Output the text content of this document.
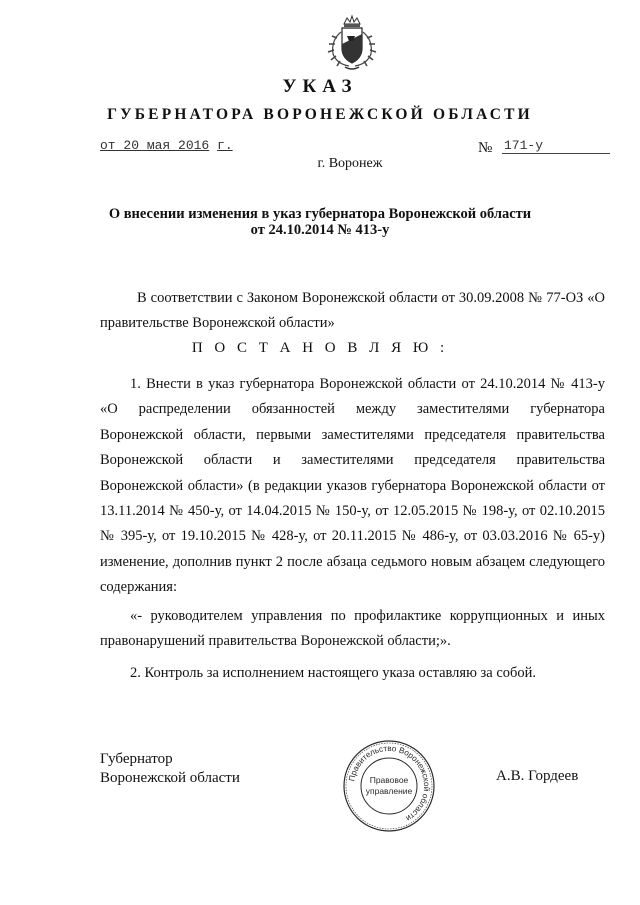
УКАЗ
ГУБЕРНАТОРА ВОРОНЕЖСКОЙ ОБЛАСТИ
от 20 мая 2016 г.	№ 171-у
г. Воронеж
О внесении изменения в указ губернатора Воронежской области
от 24.10.2014 № 413-у
В соответствии с Законом Воронежской области от 30.09.2008 № 77-ОЗ «О правительстве Воронежской области»
П О С Т А Н О В Л Я Ю :
1. Внести в указ губернатора Воронежской области от 24.10.2014 № 413-у «О распределении обязанностей между заместителями губернатора Воронежской области, первыми заместителями председателя правительства Воронежской области и заместителями председателя правительства Воронежской области» (в редакции указов губернатора Воронежской области от 13.11.2014 № 450-у, от 14.04.2015 № 150-у, от 12.05.2015 № 198-у, от 02.10.2015 № 395-у, от 19.10.2015 № 428-у, от 20.11.2015 № 486-у, от 03.03.2016 № 65-у) изменение, дополнив пункт 2 после абзаца седьмого новым абзацем следующего содержания:
«- руководителем управления по профилактике коррупционных и иных правонарушений правительства Воронежской области;».
2. Контроль за исполнением настоящего указа оставляю за собой.
Губернатор
Воронежской области	Правительство Воронежской области
Правовое
управление
А.В. Гордеев
